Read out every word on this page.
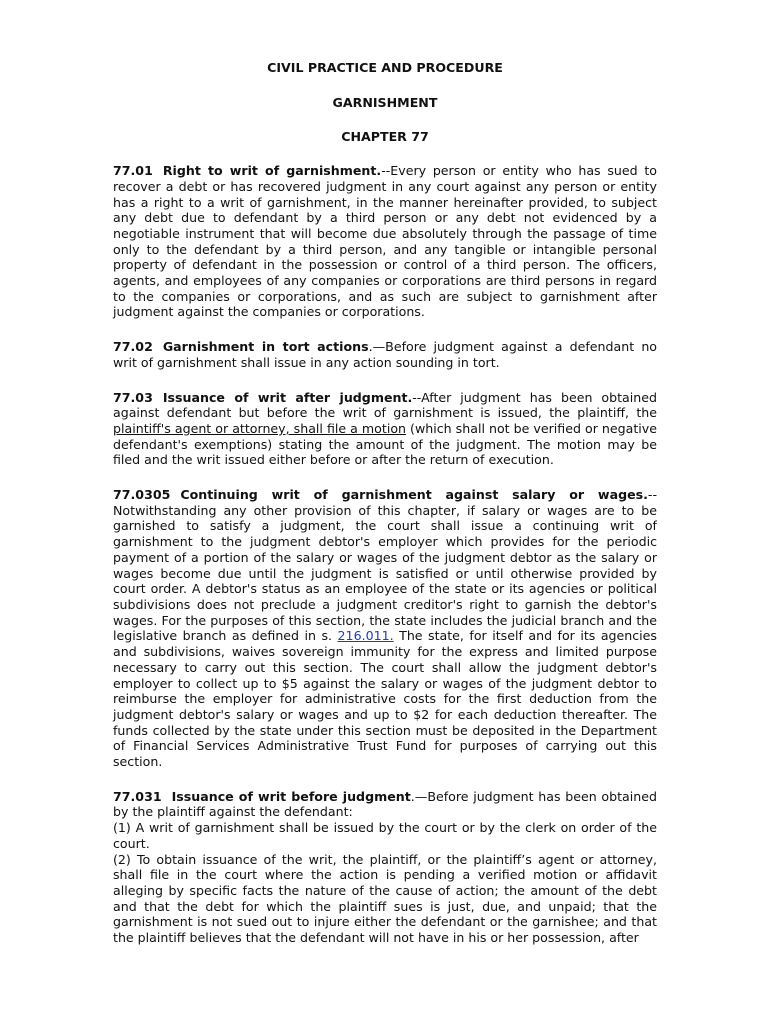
CIVIL PRACTICE AND PROCEDURE

GARNISHMENT

CHAPTER 77

77.01 Right to writ of garnishment.--Every person or entity who has sued to recover a debt or has recovered judgment in any court against any person or entity has a right to a writ of garnishment, in the manner hereinafter provided, to subject any debt due to defendant by a third person or any debt not evidenced by a negotiable instrument that will become due absolutely through the passage of time only to the defendant by a third person, and any tangible or intangible personal property of defendant in the possession or control of a third person. The officers, agents, and employees of any companies or corporations are third persons in regard to the companies or corporations, and as such are subject to garnishment after judgment against the companies or corporations.

77.02 Garnishment in tort actions.—Before judgment against a defendant no writ of garnishment shall issue in any action sounding in tort.

77.03 Issuance of writ after judgment.--After judgment has been obtained against defendant but before the writ of garnishment is issued, the plaintiff, the plaintiff's agent or attorney, shall file a motion (which shall not be verified or negative defendant's exemptions) stating the amount of the judgment. The motion may be filed and the writ issued either before or after the return of execution.

77.0305 Continuing writ of garnishment against salary or wages.--Notwithstanding any other provision of this chapter, if salary or wages are to be garnished to satisfy a judgment, the court shall issue a continuing writ of garnishment to the judgment debtor's employer which provides for the periodic payment of a portion of the salary or wages of the judgment debtor as the salary or wages become due until the judgment is satisfied or until otherwise provided by court order. A debtor's status as an employee of the state or its agencies or political subdivisions does not preclude a judgment creditor's right to garnish the debtor's wages. For the purposes of this section, the state includes the judicial branch and the legislative branch as defined in s. 216.011. The state, for itself and for its agencies and subdivisions, waives sovereign immunity for the express and limited purpose necessary to carry out this section. The court shall allow the judgment debtor's employer to collect up to $5 against the salary or wages of the judgment debtor to reimburse the employer for administrative costs for the first deduction from the judgment debtor's salary or wages and up to $2 for each deduction thereafter. The funds collected by the state under this section must be deposited in the Department of Financial Services Administrative Trust Fund for purposes of carrying out this section.

77.031 Issuance of writ before judgment.—Before judgment has been obtained by the plaintiff against the defendant:
(1) A writ of garnishment shall be issued by the court or by the clerk on order of the court.
(2) To obtain issuance of the writ, the plaintiff, or the plaintiff’s agent or attorney, shall file in the court where the action is pending a verified motion or affidavit alleging by specific facts the nature of the cause of action; the amount of the debt and that the debt for which the plaintiff sues is just, due, and unpaid; that the garnishment is not sued out to injure either the defendant or the garnishee; and that the plaintiff believes that the defendant will not have in his or her possession, after
